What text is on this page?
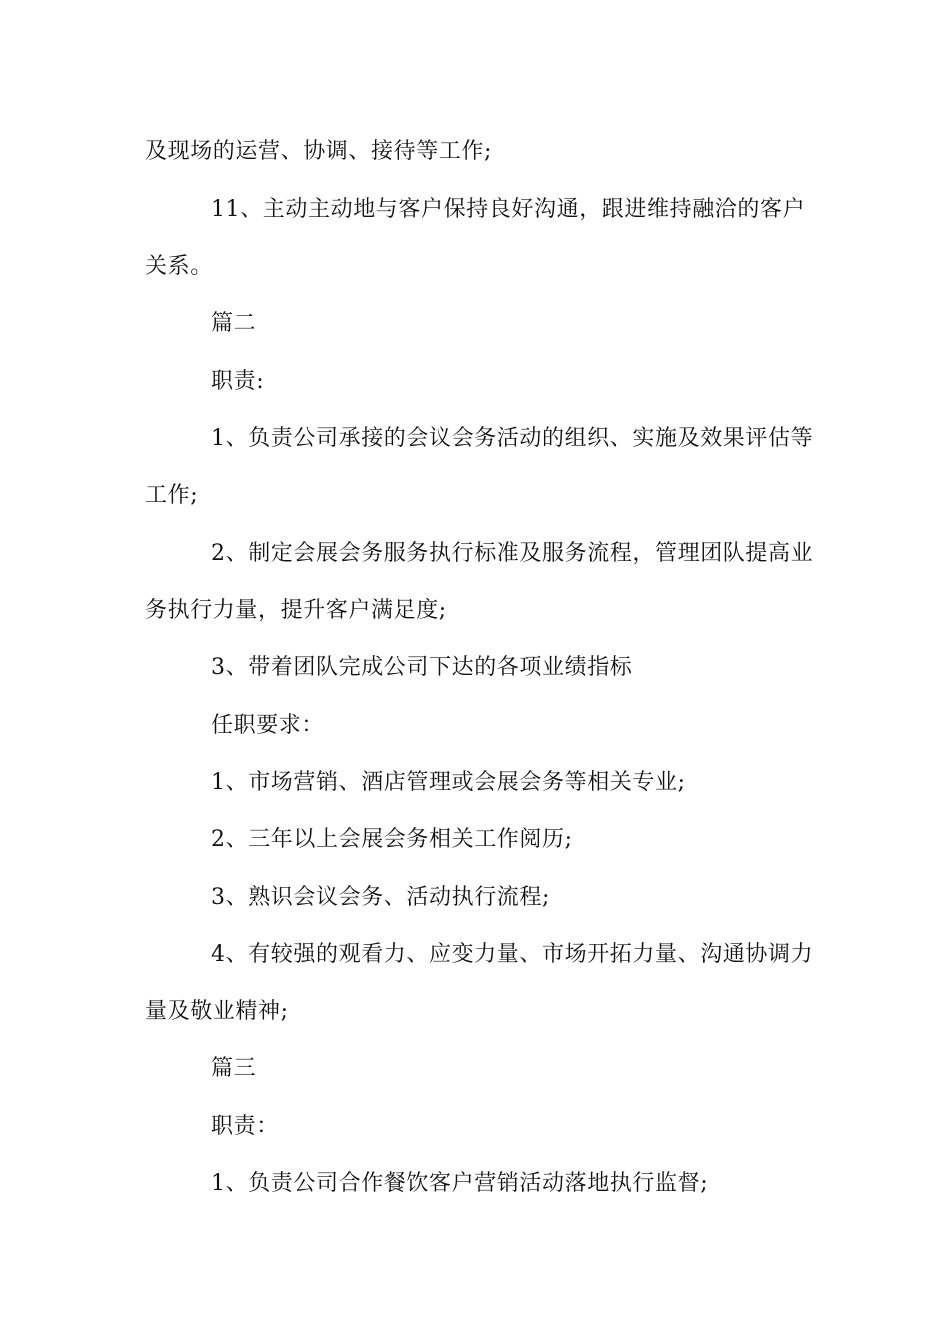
及现场的运营、协调、接待等工作;
11、主动主动地与客户保持良好沟通，跟进维持融洽的客户
关系。
篇二
职责:
1、负责公司承接的会议会务活动的组织、实施及效果评估等
工作;
2、制定会展会务服务执行标准及服务流程，管理团队提高业
务执行力量，提升客户满足度;
3、带着团队完成公司下达的各项业绩指标
任职要求：
1、市场营销、酒店管理或会展会务等相关专业;
2、三年以上会展会务相关工作阅历;
3、熟识会议会务、活动执行流程;
4、有较强的观看力、应变力量、市场开拓力量、沟通协调力
量及敬业精神;
篇三
职责：
1、负责公司合作餐饮客户营销活动落地执行监督;
